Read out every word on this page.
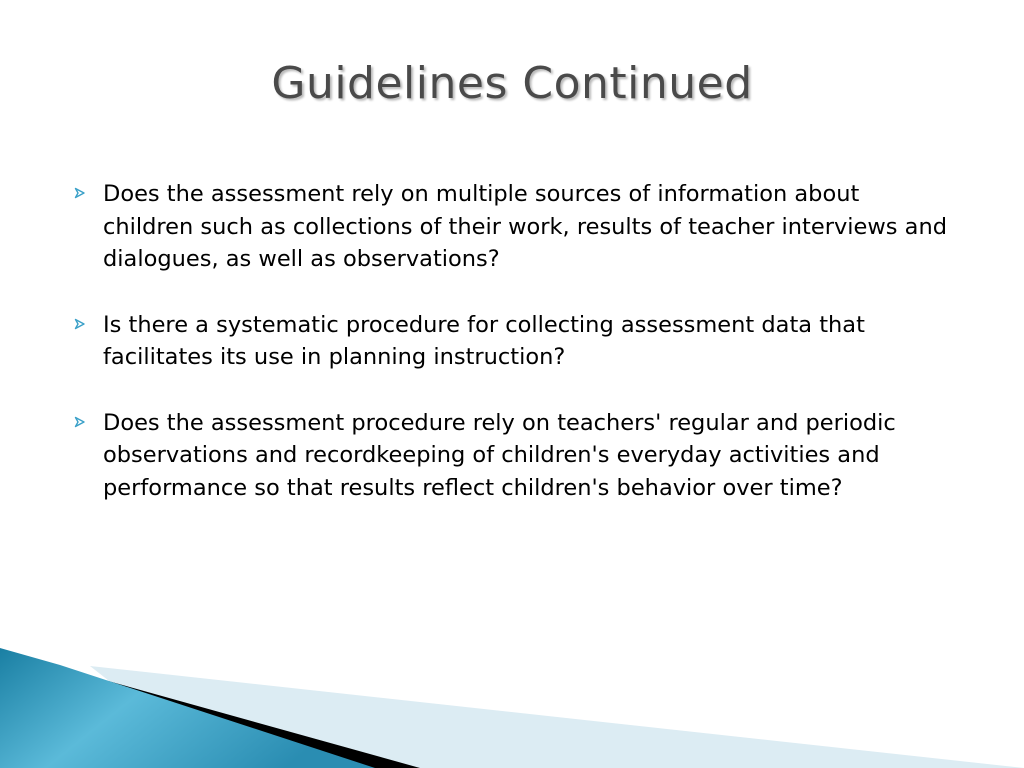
Guidelines Continued
Does the assessment rely on multiple sources of information about children such as collections of their work, results of teacher interviews and dialogues, as well as observations?
Is there a systematic procedure for collecting assessment data that facilitates its use in planning instruction?
Does the assessment procedure rely on teachers' regular and periodic observations and recordkeeping of children's everyday activities and performance so that results reflect children's behavior over time?
